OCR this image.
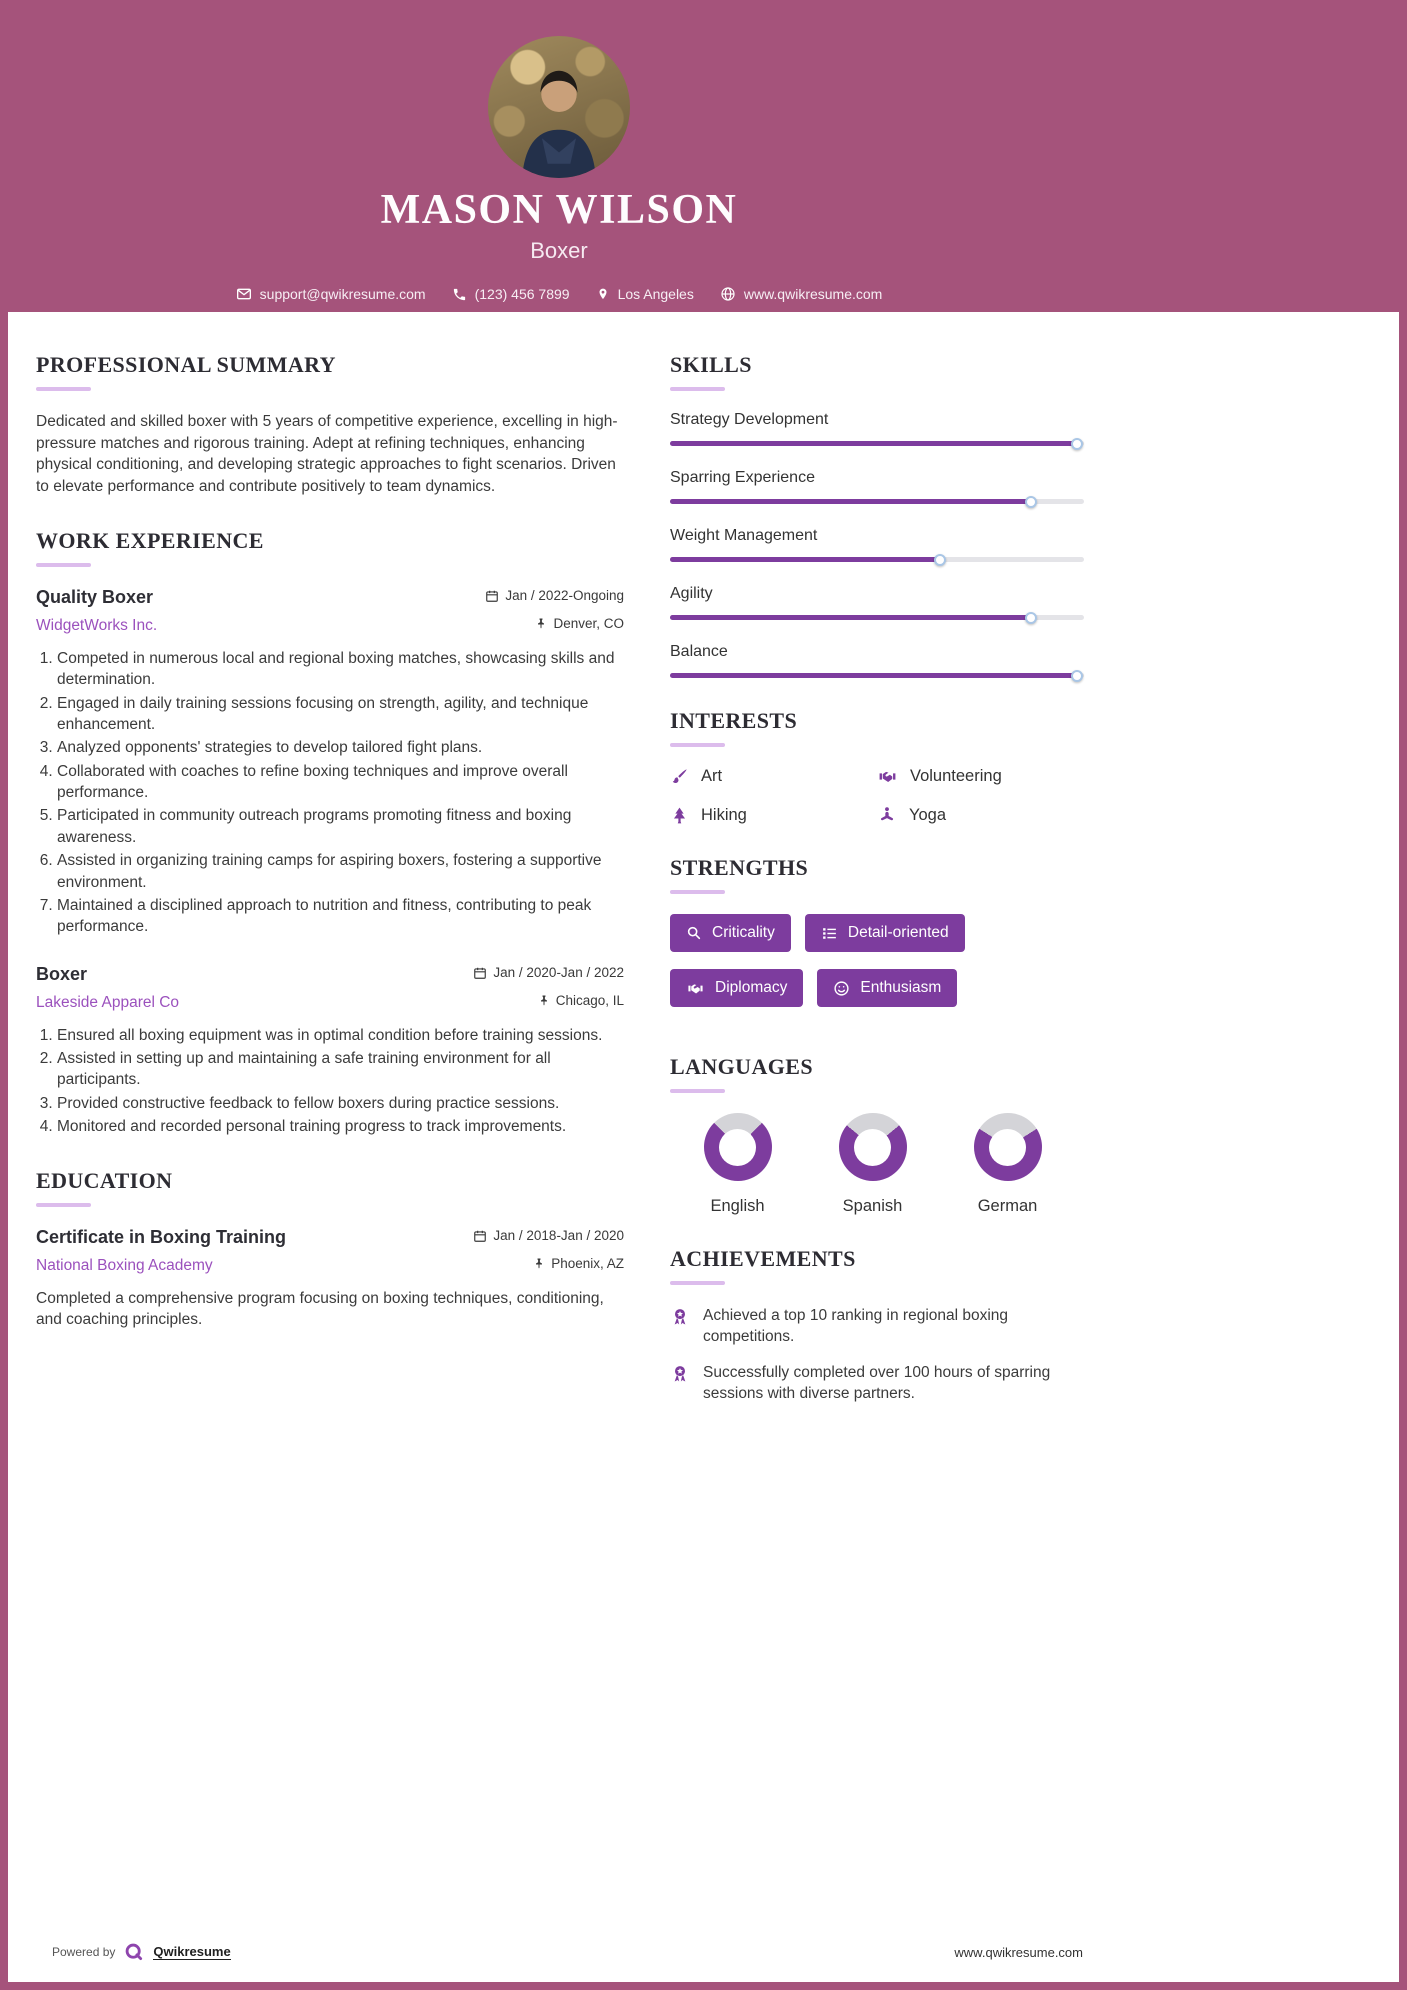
MASON WILSON
Boxer
support@qwikresume.com	(123) 456 7899	Los Angeles	www.qwikresume.com
PROFESSIONAL SUMMARY

Dedicated and skilled boxer with 5 years of competitive experience, excelling in high-pressure matches and rigorous training. Adept at refining techniques, enhancing physical conditioning, and developing strategic approaches to fight scenarios. Driven to elevate performance and contribute positively to team dynamics.

WORK EXPERIENCE
Quality Boxer	Jan / 2022-Ongoing
WidgetWorks Inc.	Denver, CO
1. Competed in numerous local and regional boxing matches, showcasing skills and determination.
2. Engaged in daily training sessions focusing on strength, agility, and technique enhancement.
3. Analyzed opponents' strategies to develop tailored fight plans.
4. Collaborated with coaches to refine boxing techniques and improve overall performance.
5. Participated in community outreach programs promoting fitness and boxing awareness.
6. Assisted in organizing training camps for aspiring boxers, fostering a supportive environment.
7. Maintained a disciplined approach to nutrition and fitness, contributing to peak performance.
Boxer	Jan / 2020-Jan / 2022
Lakeside Apparel Co	Chicago, IL
1. Ensured all boxing equipment was in optimal condition before training sessions.
2. Assisted in setting up and maintaining a safe training environment for all participants.
3. Provided constructive feedback to fellow boxers during practice sessions.
4. Monitored and recorded personal training progress to track improvements.
EDUCATION
Certificate in Boxing Training	Jan / 2018-Jan / 2020
National Boxing Academy	Phoenix, AZ

Completed a comprehensive program focusing on boxing techniques, conditioning, and coaching principles.

SKILLS
Strategy Development
Sparring Experience
Weight Management
Agility
Balance
INTERESTS
Art	Volunteering
Hiking	Yoga
STRENGTHS
Criticality	Detail-oriented
Diplomacy	Enthusiasm
LANGUAGES
English	Spanish	German
ACHIEVEMENTS
Achieved a top 10 ranking in regional boxing competitions.
Successfully completed over 100 hours of sparring sessions with diverse partners.
Powered by	Qwikresume	www.qwikresume.com
